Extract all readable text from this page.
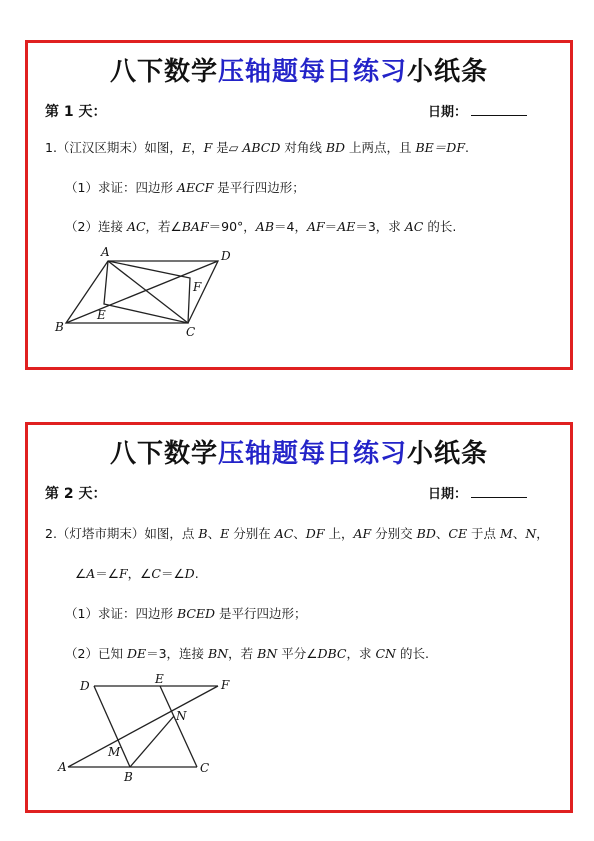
八下数学压轴题每日练习小纸条
第 1 天：	日期：
1.（江汉区期末）如图，E，F 是▱ ABCD 对角线 BD 上两点，且 BE＝DF.
（1）求证：四边形 AECF 是平行四边形；
（2）连接 AC，若∠BAF＝90°，AB＝4，AF＝AE＝3，求 AC 的长.
A	D
B	C
E
F
八下数学压轴题每日练习小纸条
第 2 天：	日期：
2.（灯塔市期末）如图，点 B、E 分别在 AC、DF 上，AF 分别交 BD、CE 于点 M、N，
∠A＝∠F，∠C＝∠D.
（1）求证：四边形 BCED 是平行四边形；
（2）已知 DE＝3，连接 BN，若 BN 平分∠DBC，求 CN 的长.
D	E	F
N
M
A
B
C
